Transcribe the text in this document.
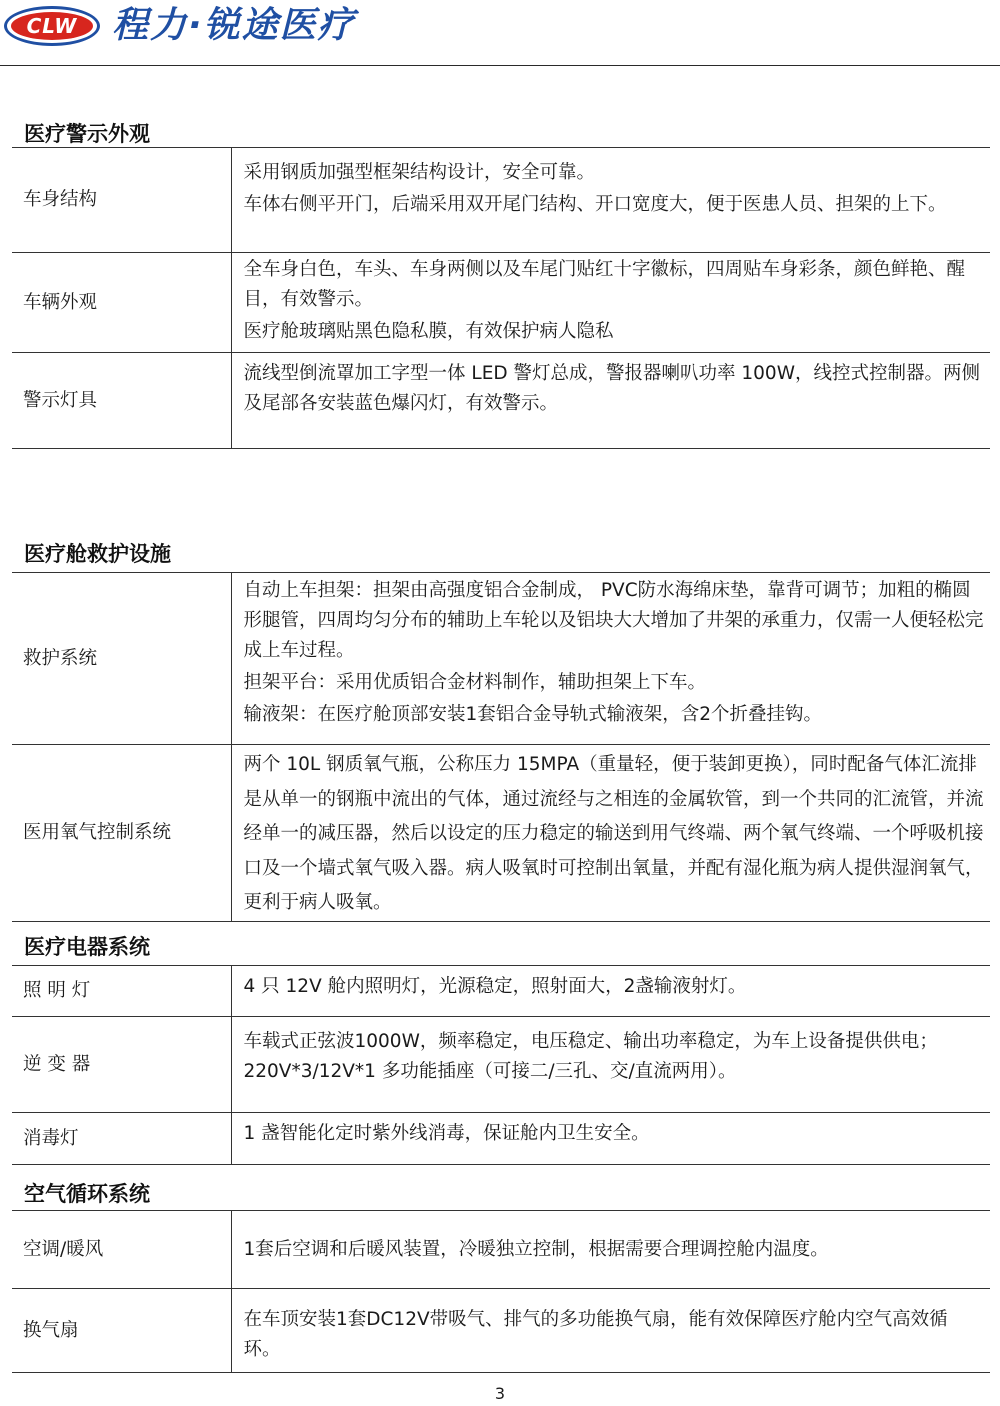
CLW 程力·锐途医疗
医疗警示外观
车身结构	采用钢质加强型框架结构设计，安全可靠。
车体右侧平开门，后端采用双开尾门结构、开口宽度大，便于医患人员、担架的上下。

车辆外观	全车身白色，车头、车身两侧以及车尾门贴红十字徽标，四周贴车身彩条，颜色鲜艳、醒目，有效警示。
医疗舱玻璃贴黑色隐私膜，有效保护病人隐私

警示灯具	流线型倒流罩加工字型一体 LED 警灯总成，警报器喇叭功率 100W，线控式控制器。两侧及尾部各安装蓝色爆闪灯，有效警示。
医疗舱救护设施
救护系统	自动上车担架：担架由高强度铝合金制成， PVC防水海绵床垫，靠背可调节；加粗的椭圆形腿管，四周均匀分布的辅助上车轮以及铝块大大增加了井架的承重力，仅需一人便轻松完成上车过程。
担架平台：采用优质铝合金材料制作，辅助担架上下车。
输液架：在医疗舱顶部安装1套铝合金导轨式输液架，含2个折叠挂钩。

医用氧气控制系统	两个 10L 钢质氧气瓶，公称压力 15MPA（重量轻，便于装卸更换），同时配备气体汇流排是从单一的钢瓶中流出的气体，通过流经与之相连的金属软管，到一个共同的汇流管，并流经单一的减压器，然后以设定的压力稳定的输送到用气终端、两个氧气终端、一个呼吸机接口及一个墙式氧气吸入器。病人吸氧时可控制出氧量，并配有湿化瓶为病人提供湿润氧气，更利于病人吸氧。
医疗电器系统
照 明 灯	4 只 12V 舱内照明灯，光源稳定，照射面大，2盏输液射灯。

逆 变 器	车载式正弦波1000W，频率稳定，电压稳定、输出功率稳定，为车上设备提供供电；220V*3/12V*1 多功能插座（可接二/三孔、交/直流两用）。

消毒灯	1 盏智能化定时紫外线消毒，保证舱内卫生安全。
空气循环系统
空调/暖风	1套后空调和后暖风装置，冷暖独立控制，根据需要合理调控舱内温度。

换气扇	在车顶安装1套DC12V带吸气、排气的多功能换气扇，能有效保障医疗舱内空气高效循环。
3
